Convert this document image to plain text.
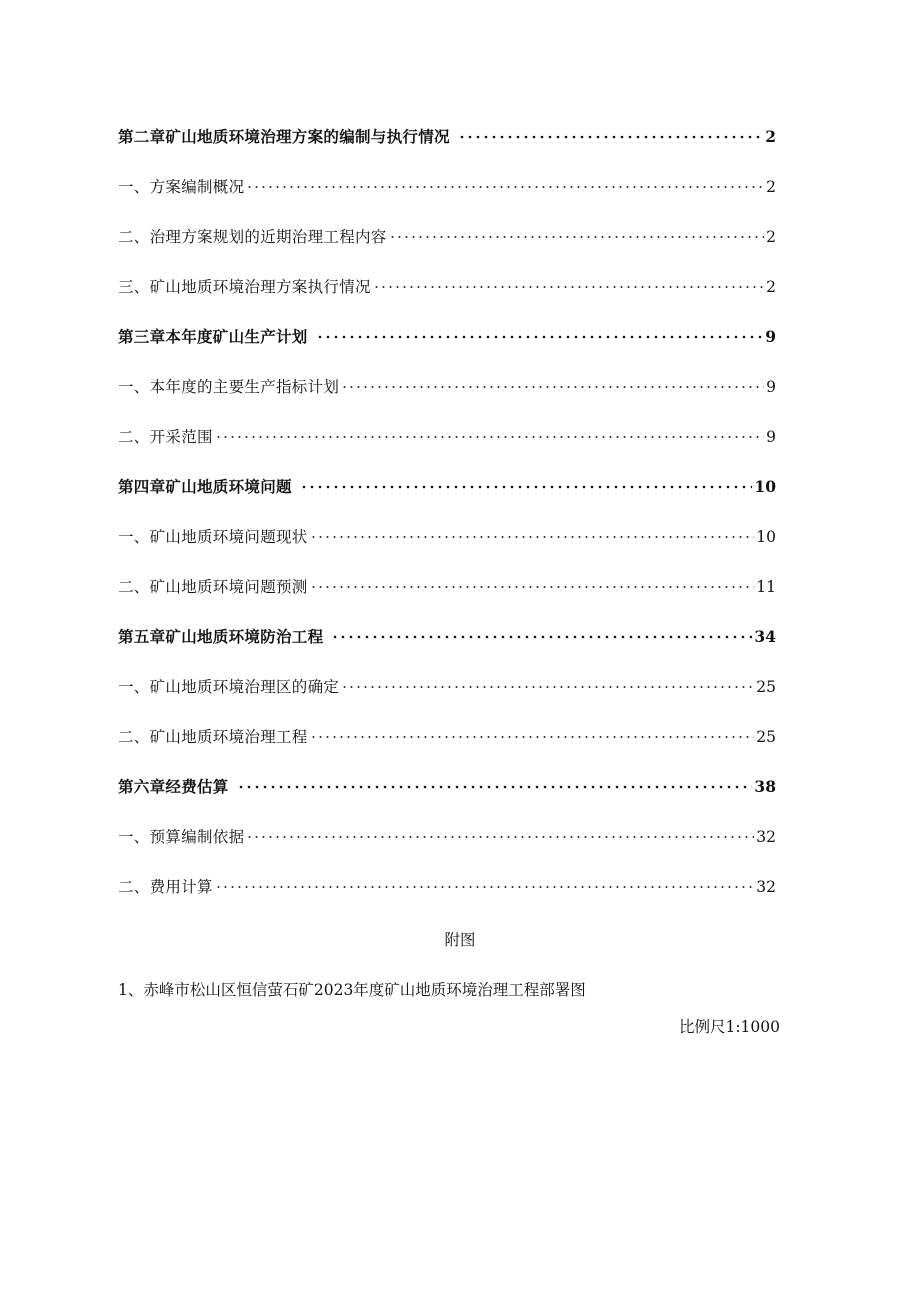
第二章矿山地质环境治理方案的编制与执行情况	2
一、方案编制概况	2
二、治理方案规划的近期治理工程内容	2
三、矿山地质环境治理方案执行情况	2
第三章本年度矿山生产计划	9
一、本年度的主要生产指标计划	9
二、开采范围	9
第四章矿山地质环境问题	10
一、矿山地质环境问题现状	10
二、矿山地质环境问题预测	11
第五章矿山地质环境防治工程	34
一、矿山地质环境治理区的确定	25
二、矿山地质环境治理工程	25
第六章经费估算	38
一、预算编制依据	32
二、费用计算	32
附图
1、赤峰市松山区恒信萤石矿2023年度矿山地质环境治理工程部署图
比例尺1:1000
